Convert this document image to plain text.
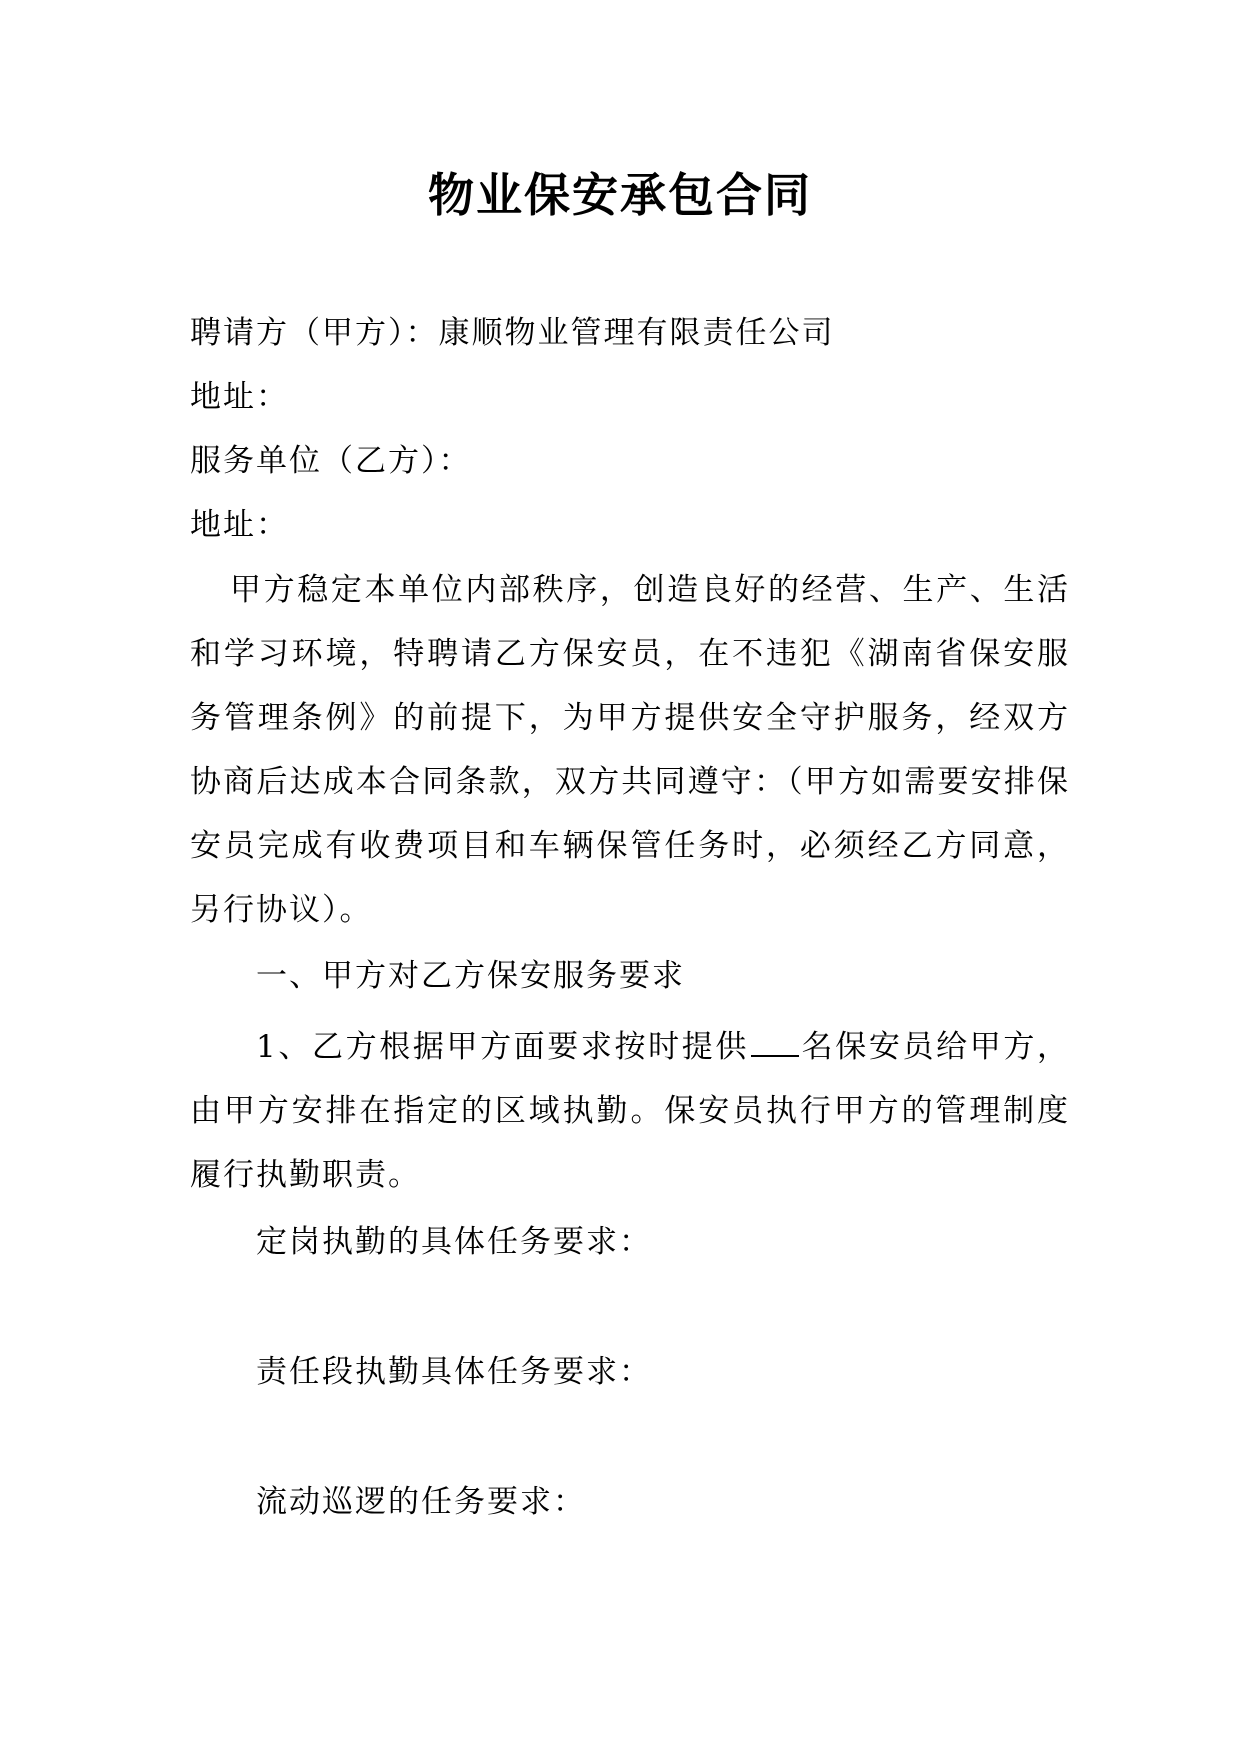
物业保安承包合同
聘请方（甲方）：康顺物业管理有限责任公司
地址：
服务单位（乙方）：
地址：

甲方稳定本单位内部秩序，创造良好的经营、生产、生活和学习环境，特聘请乙方保安员，在不违犯《湖南省保安服务管理条例》的前提下，为甲方提供安全守护服务，经双方协商后达成本合同条款，双方共同遵守：（甲方如需要安排保安员完成有收费项目和车辆保管任务时，必须经乙方同意，另行协议）。

一、甲方对乙方保安服务要求

1、乙方根据甲方面要求按时提供 名保安员给甲方，由甲方安排在指定的区域执勤。保安员执行甲方的管理制度履行执勤职责。

定岗执勤的具体任务要求：
责任段执勤具体任务要求：
流动巡逻的任务要求：
